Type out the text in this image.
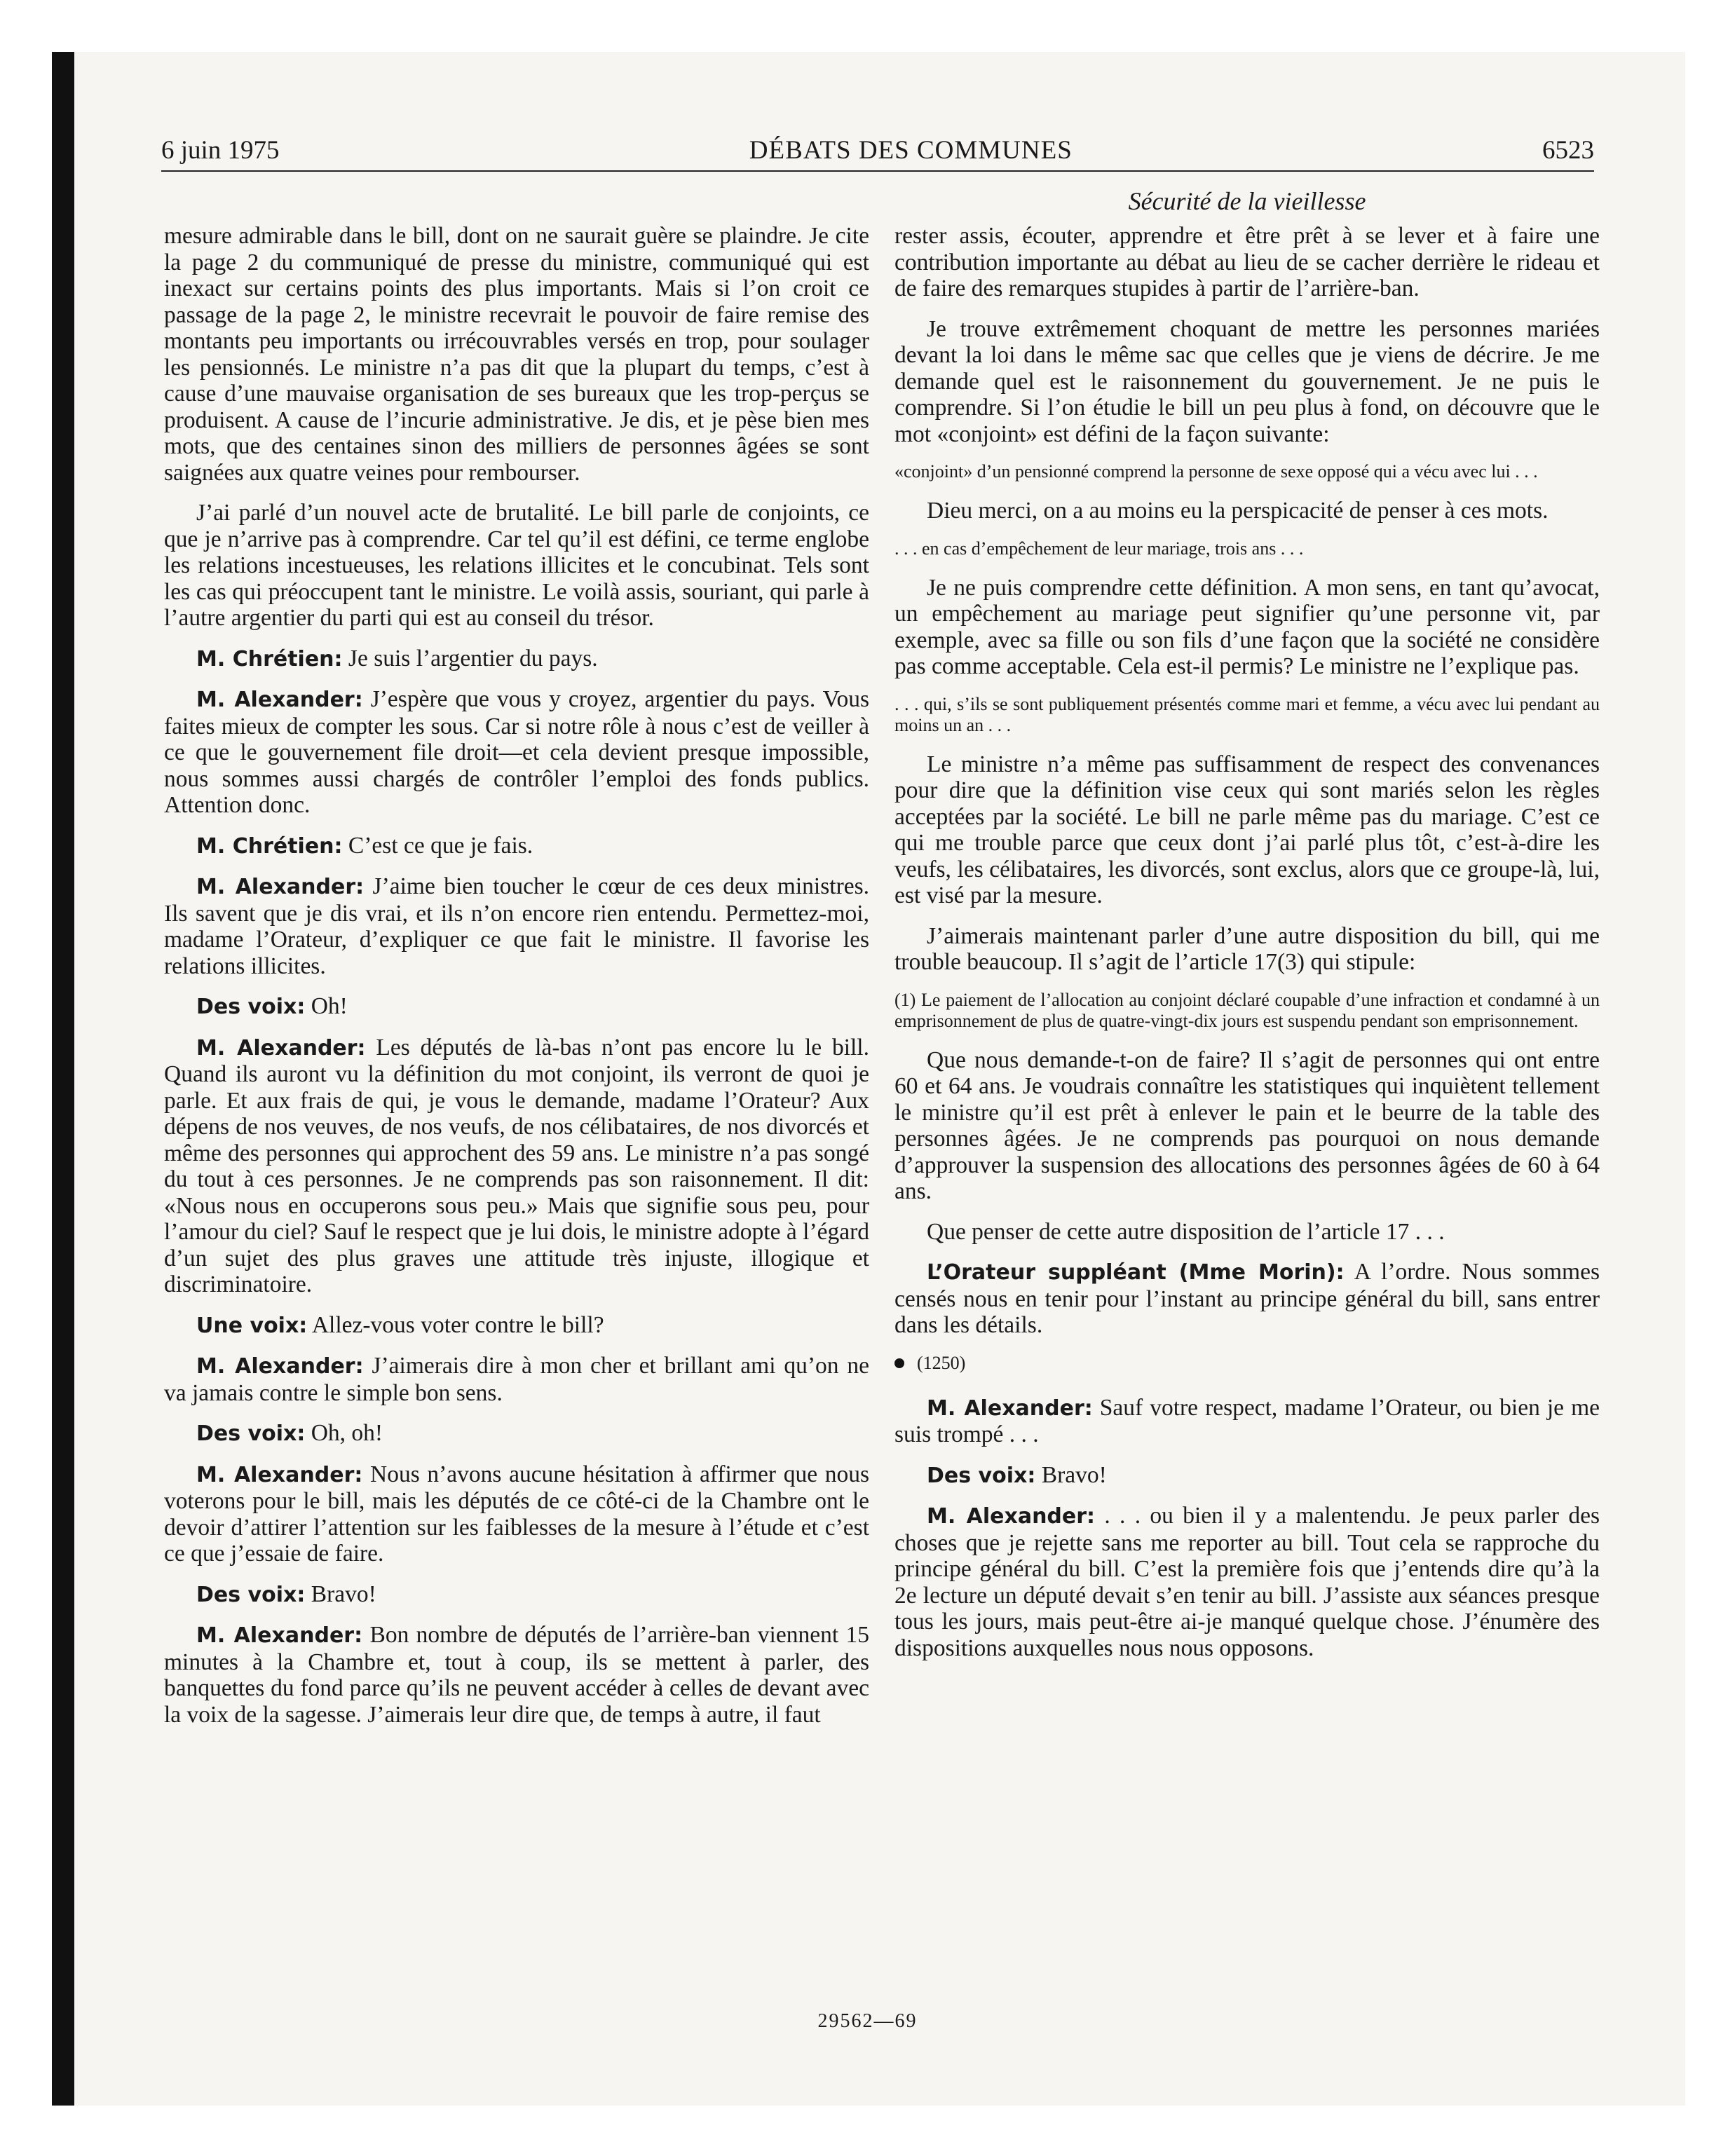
6 juin 1975	DÉBATS DES COMMUNES	6523
Sécurité de la vieillesse

mesure admirable dans le bill, dont on ne saurait guère se plaindre. Je cite la page 2 du communiqué de presse du ministre, communiqué qui est inexact sur certains points des plus importants. Mais si l’on croit ce passage de la page 2, le ministre recevrait le pouvoir de faire remise des montants peu importants ou irrécouvrables versés en trop, pour soulager les pensionnés. Le ministre n’a pas dit que la plupart du temps, c’est à cause d’une mauvaise organisation de ses bureaux que les trop-perçus se produisent. A cause de l’incurie administrative. Je dis, et je pèse bien mes mots, que des centaines sinon des milliers de personnes âgées se sont saignées aux quatre veines pour rembourser.

J’ai parlé d’un nouvel acte de brutalité. Le bill parle de conjoints, ce que je n’arrive pas à comprendre. Car tel qu’il est défini, ce terme englobe les relations incestueuses, les relations illicites et le concubinat. Tels sont les cas qui préoccupent tant le ministre. Le voilà assis, souriant, qui parle à l’autre argentier du parti qui est au conseil du trésor.

M. Chrétien: Je suis l’argentier du pays.

M. Alexander: J’espère que vous y croyez, argentier du pays. Vous faites mieux de compter les sous. Car si notre rôle à nous c’est de veiller à ce que le gouvernement file droit—et cela devient presque impossible, nous sommes aussi chargés de contrôler l’emploi des fonds publics. Attention donc.

M. Chrétien: C’est ce que je fais.

M. Alexander: J’aime bien toucher le cœur de ces deux ministres. Ils savent que je dis vrai, et ils n’on encore rien entendu. Permettez-moi, madame l’Orateur, d’expliquer ce que fait le ministre. Il favorise les relations illicites.

Des voix: Oh!

M. Alexander: Les députés de là-bas n’ont pas encore lu le bill. Quand ils auront vu la définition du mot conjoint, ils verront de quoi je parle. Et aux frais de qui, je vous le demande, madame l’Orateur? Aux dépens de nos veuves, de nos veufs, de nos célibataires, de nos divorcés et même des personnes qui approchent des 59 ans. Le ministre n’a pas songé du tout à ces personnes. Je ne comprends pas son raisonnement. Il dit: «Nous nous en occuperons sous peu.» Mais que signifie sous peu, pour l’amour du ciel? Sauf le respect que je lui dois, le ministre adopte à l’égard d’un sujet des plus graves une attitude très injuste, illogique et discriminatoire.

Une voix: Allez-vous voter contre le bill?

M. Alexander: J’aimerais dire à mon cher et brillant ami qu’on ne va jamais contre le simple bon sens.

Des voix: Oh, oh!

M. Alexander: Nous n’avons aucune hésitation à affirmer que nous voterons pour le bill, mais les députés de ce côté-ci de la Chambre ont le devoir d’attirer l’attention sur les faiblesses de la mesure à l’étude et c’est ce que j’essaie de faire.

Des voix: Bravo!

M. Alexander: Bon nombre de députés de l’arrière-ban viennent 15 minutes à la Chambre et, tout à coup, ils se mettent à parler, des banquettes du fond parce qu’ils ne peuvent accéder à celles de devant avec la voix de la sagesse. J’aimerais leur dire que, de temps à autre, il faut

rester assis, écouter, apprendre et être prêt à se lever et à faire une contribution importante au débat au lieu de se cacher derrière le rideau et de faire des remarques stupides à partir de l’arrière-ban.

Je trouve extrêmement choquant de mettre les personnes mariées devant la loi dans le même sac que celles que je viens de décrire. Je me demande quel est le raisonnement du gouvernement. Je ne puis le comprendre. Si l’on étudie le bill un peu plus à fond, on découvre que le mot «conjoint» est défini de la façon suivante:

«conjoint» d’un pensionné comprend la personne de sexe opposé qui a vécu avec lui . . .

Dieu merci, on a au moins eu la perspicacité de penser à ces mots.

. . . en cas d’empêchement de leur mariage, trois ans . . .

Je ne puis comprendre cette définition. A mon sens, en tant qu’avocat, un empêchement au mariage peut signifier qu’une personne vit, par exemple, avec sa fille ou son fils d’une façon que la société ne considère pas comme acceptable. Cela est-il permis? Le ministre ne l’explique pas.

. . . qui, s’ils se sont publiquement présentés comme mari et femme, a vécu avec lui pendant au moins un an . . .

Le ministre n’a même pas suffisamment de respect des convenances pour dire que la définition vise ceux qui sont mariés selon les règles acceptées par la société. Le bill ne parle même pas du mariage. C’est ce qui me trouble parce que ceux dont j’ai parlé plus tôt, c’est-à-dire les veufs, les célibataires, les divorcés, sont exclus, alors que ce groupe-là, lui, est visé par la mesure.

J’aimerais maintenant parler d’une autre disposition du bill, qui me trouble beaucoup. Il s’agit de l’article 17(3) qui stipule:

(1) Le paiement de l’allocation au conjoint déclaré coupable d’une infraction et condamné à un emprisonnement de plus de quatre-vingt-dix jours est suspendu pendant son emprisonnement.

Que nous demande-t-on de faire? Il s’agit de personnes qui ont entre 60 et 64 ans. Je voudrais connaître les statistiques qui inquiètent tellement le ministre qu’il est prêt à enlever le pain et le beurre de la table des personnes âgées. Je ne comprends pas pourquoi on nous demande d’approuver la suspension des allocations des personnes âgées de 60 à 64 ans.

Que penser de cette autre disposition de l’article 17 . . .

L’Orateur suppléant (Mme Morin): A l’ordre. Nous sommes censés nous en tenir pour l’instant au principe général du bill, sans entrer dans les détails.

(1250)

M. Alexander: Sauf votre respect, madame l’Orateur, ou bien je me suis trompé . . .

Des voix: Bravo!

M. Alexander: . . . ou bien il y a malentendu. Je peux parler des choses que je rejette sans me reporter au bill. Tout cela se rapproche du principe général du bill. C’est la première fois que j’entends dire qu’à la 2e lecture un député devait s’en tenir au bill. J’assiste aux séances presque tous les jours, mais peut-être ai-je manqué quelque chose. J’énumère des dispositions auxquelles nous nous opposons.

29562—69
